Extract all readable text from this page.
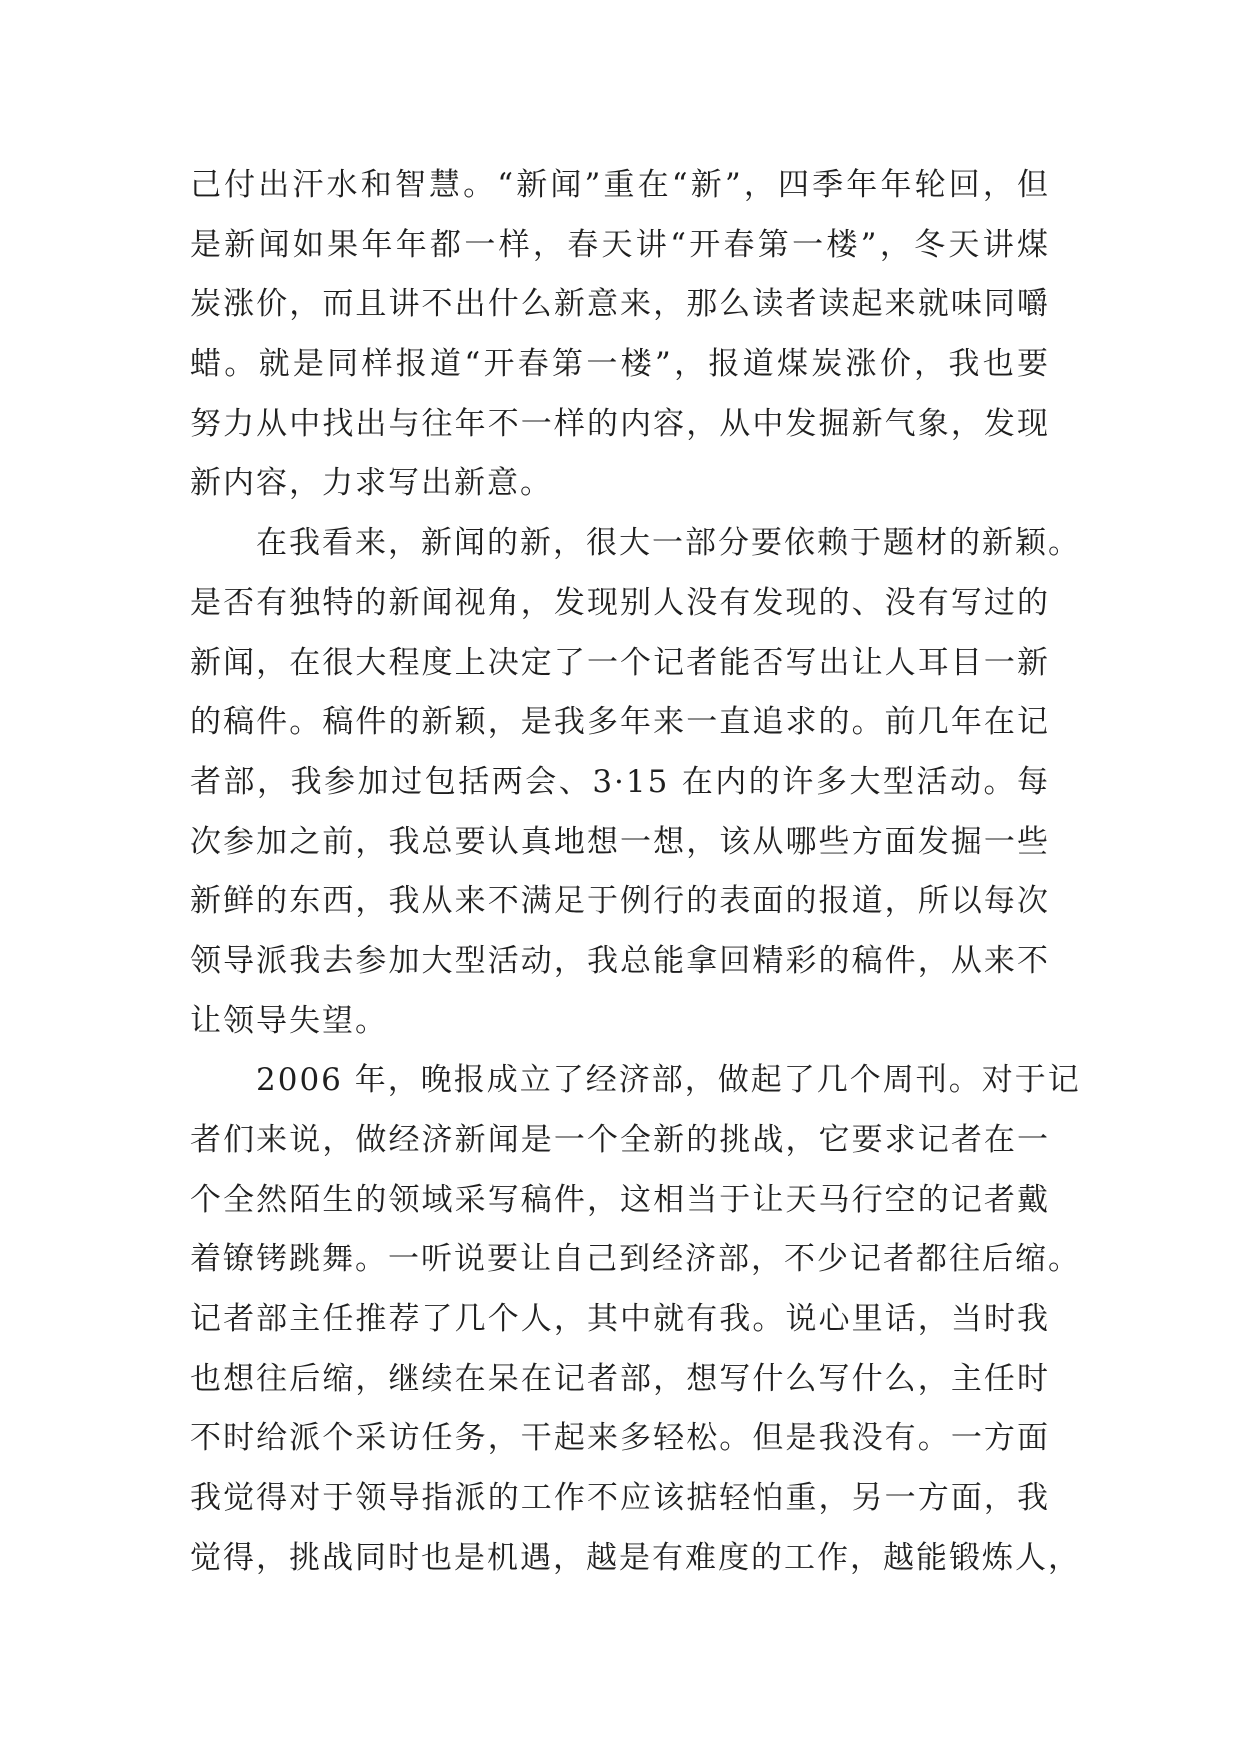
己付出汗水和智慧。“新闻”重在“新”，四季年年轮回，但
是新闻如果年年都一样，春天讲“开春第一楼”，冬天讲煤
炭涨价，而且讲不出什么新意来，那么读者读起来就味同嚼
蜡。就是同样报道“开春第一楼”，报道煤炭涨价，我也要
努力从中找出与往年不一样的内容，从中发掘新气象，发现
新内容，力求写出新意。
在我看来，新闻的新，很大一部分要依赖于题材的新颖。
是否有独特的新闻视角，发现别人没有发现的、没有写过的
新闻，在很大程度上决定了一个记者能否写出让人耳目一新
的稿件。稿件的新颖，是我多年来一直追求的。前几年在记
者部，我参加过包括两会、3·15 在内的许多大型活动。每
次参加之前，我总要认真地想一想，该从哪些方面发掘一些
新鲜的东西，我从来不满足于例行的表面的报道，所以每次
领导派我去参加大型活动，我总能拿回精彩的稿件，从来不
让领导失望。
2006 年，晚报成立了经济部，做起了几个周刊。对于记
者们来说，做经济新闻是一个全新的挑战，它要求记者在一
个全然陌生的领域采写稿件，这相当于让天马行空的记者戴
着镣铐跳舞。一听说要让自己到经济部，不少记者都往后缩。
记者部主任推荐了几个人，其中就有我。说心里话，当时我
也想往后缩，继续在呆在记者部，想写什么写什么，主任时
不时给派个采访任务，干起来多轻松。但是我没有。一方面
我觉得对于领导指派的工作不应该掂轻怕重，另一方面，我
觉得，挑战同时也是机遇，越是有难度的工作，越能锻炼人，
